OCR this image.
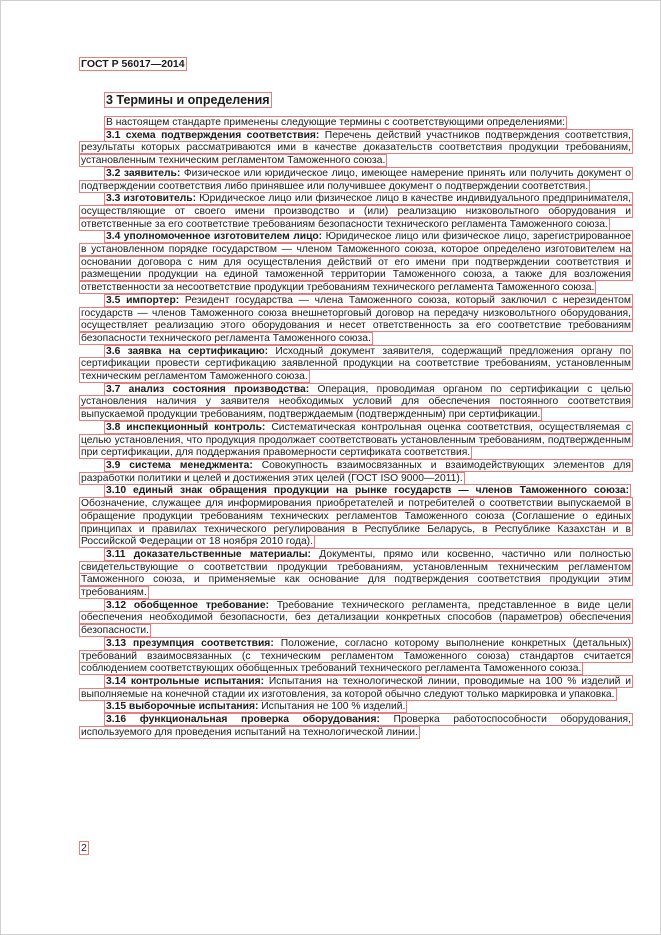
ГОСТ Р 56017—2014
3 Термины и определения

В настоящем стандарте применены следующие термины с соответствующими определениями:

3.1 схема подтверждения соответствия: Перечень действий участников подтверждения соответствия, результаты которых рассматриваются ими в качестве доказательств соответствия продукции требованиям, установленным техническим регламентом Таможенного союза.

3.2 заявитель: Физическое или юридическое лицо, имеющее намерение принять или получить документ о подтверждении соответствия либо принявшее или получившее документ о подтверждении соответствия.

3.3 изготовитель: Юридическое лицо или физическое лицо в качестве индивидуального предпринимателя, осуществляющие от своего имени производство и (или) реализацию низковольтного оборудования и ответственные за его соответствие требованиям безопасности технического регламента Таможенного союза.

3.4 уполномоченное изготовителем лицо: Юридическое лицо или физическое лицо, зарегистрированное в установленном порядке государством — членом Таможенного союза, которое определено изготовителем на основании договора с ним для осуществления действий от его имени при подтверждении соответствия и размещении продукции на единой таможенной территории Таможенного союза, а также для возложения ответственности за несоответствие продукции требованиям технического регламента Таможенного союза.

3.5 импортер: Резидент государства — члена Таможенного союза, который заключил с нерезидентом государств — членов Таможенного союза внешнеторговый договор на передачу низковольтного оборудования, осуществляет реализацию этого оборудования и несет ответственность за его соответствие требованиям безопасности технического регламента Таможенного союза.

3.6 заявка на сертификацию: Исходный документ заявителя, содержащий предложения органу по сертификации провести сертификацию заявленной продукции на соответствие требованиям, установленным техническим регламентом Таможенного союза.

3.7 анализ состояния производства: Операция, проводимая органом по сертификации с целью установления наличия у заявителя необходимых условий для обеспечения постоянного соответствия выпускаемой продукции требованиям, подтверждаемым (подтвержденным) при сертификации.

3.8 инспекционный контроль: Систематическая контрольная оценка соответствия, осуществляемая с целью установления, что продукция продолжает соответствовать установленным требованиям, подтвержденным при сертификации, для поддержания правомерности сертификата соответствия.

3.9 система менеджмента: Совокупность взаимосвязанных и взаимодействующих элементов для разработки политики и целей и достижения этих целей (ГОСТ ISO 9000—2011).

3.10 единый знак обращения продукции на рынке государств — членов Таможенного союза: Обозначение, служащее для информирования приобретателей и потребителей о соответствии выпускаемой в обращение продукции требованиям технических регламентов Таможенного союза (Соглашение о единых принципах и правилах технического регулирования в Республике Беларусь, в Республике Казахстан и в Российской Федерации от 18 ноября 2010 года).

3.11 доказательственные материалы: Документы, прямо или косвенно, частично или полностью свидетельствующие о соответствии продукции требованиям, установленным техническим регламентом Таможенного союза, и применяемые как основание для подтверждения соответствия продукции этим требованиям.

3.12 обобщенное требование: Требование технического регламента, представленное в виде цели обеспечения необходимой безопасности, без детализации конкретных способов (параметров) обеспечения безопасности.

3.13 презумпция соответствия: Положение, согласно которому выполнение конкретных (детальных) требований взаимосвязанных (с техническим регламентом Таможенного союза) стандартов считается соблюдением соответствующих обобщенных требований технического регламента Таможенного союза.

3.14 контрольные испытания: Испытания на технологической линии, проводимые на 100 % изделий и выполняемые на конечной стадии их изготовления, за которой обычно следуют только маркировка и упаковка.

3.15 выборочные испытания: Испытания не 100 % изделий.

3.16 функциональная проверка оборудования: Проверка работоспособности оборудования, используемого для проведения испытаний на технологической линии.

2
